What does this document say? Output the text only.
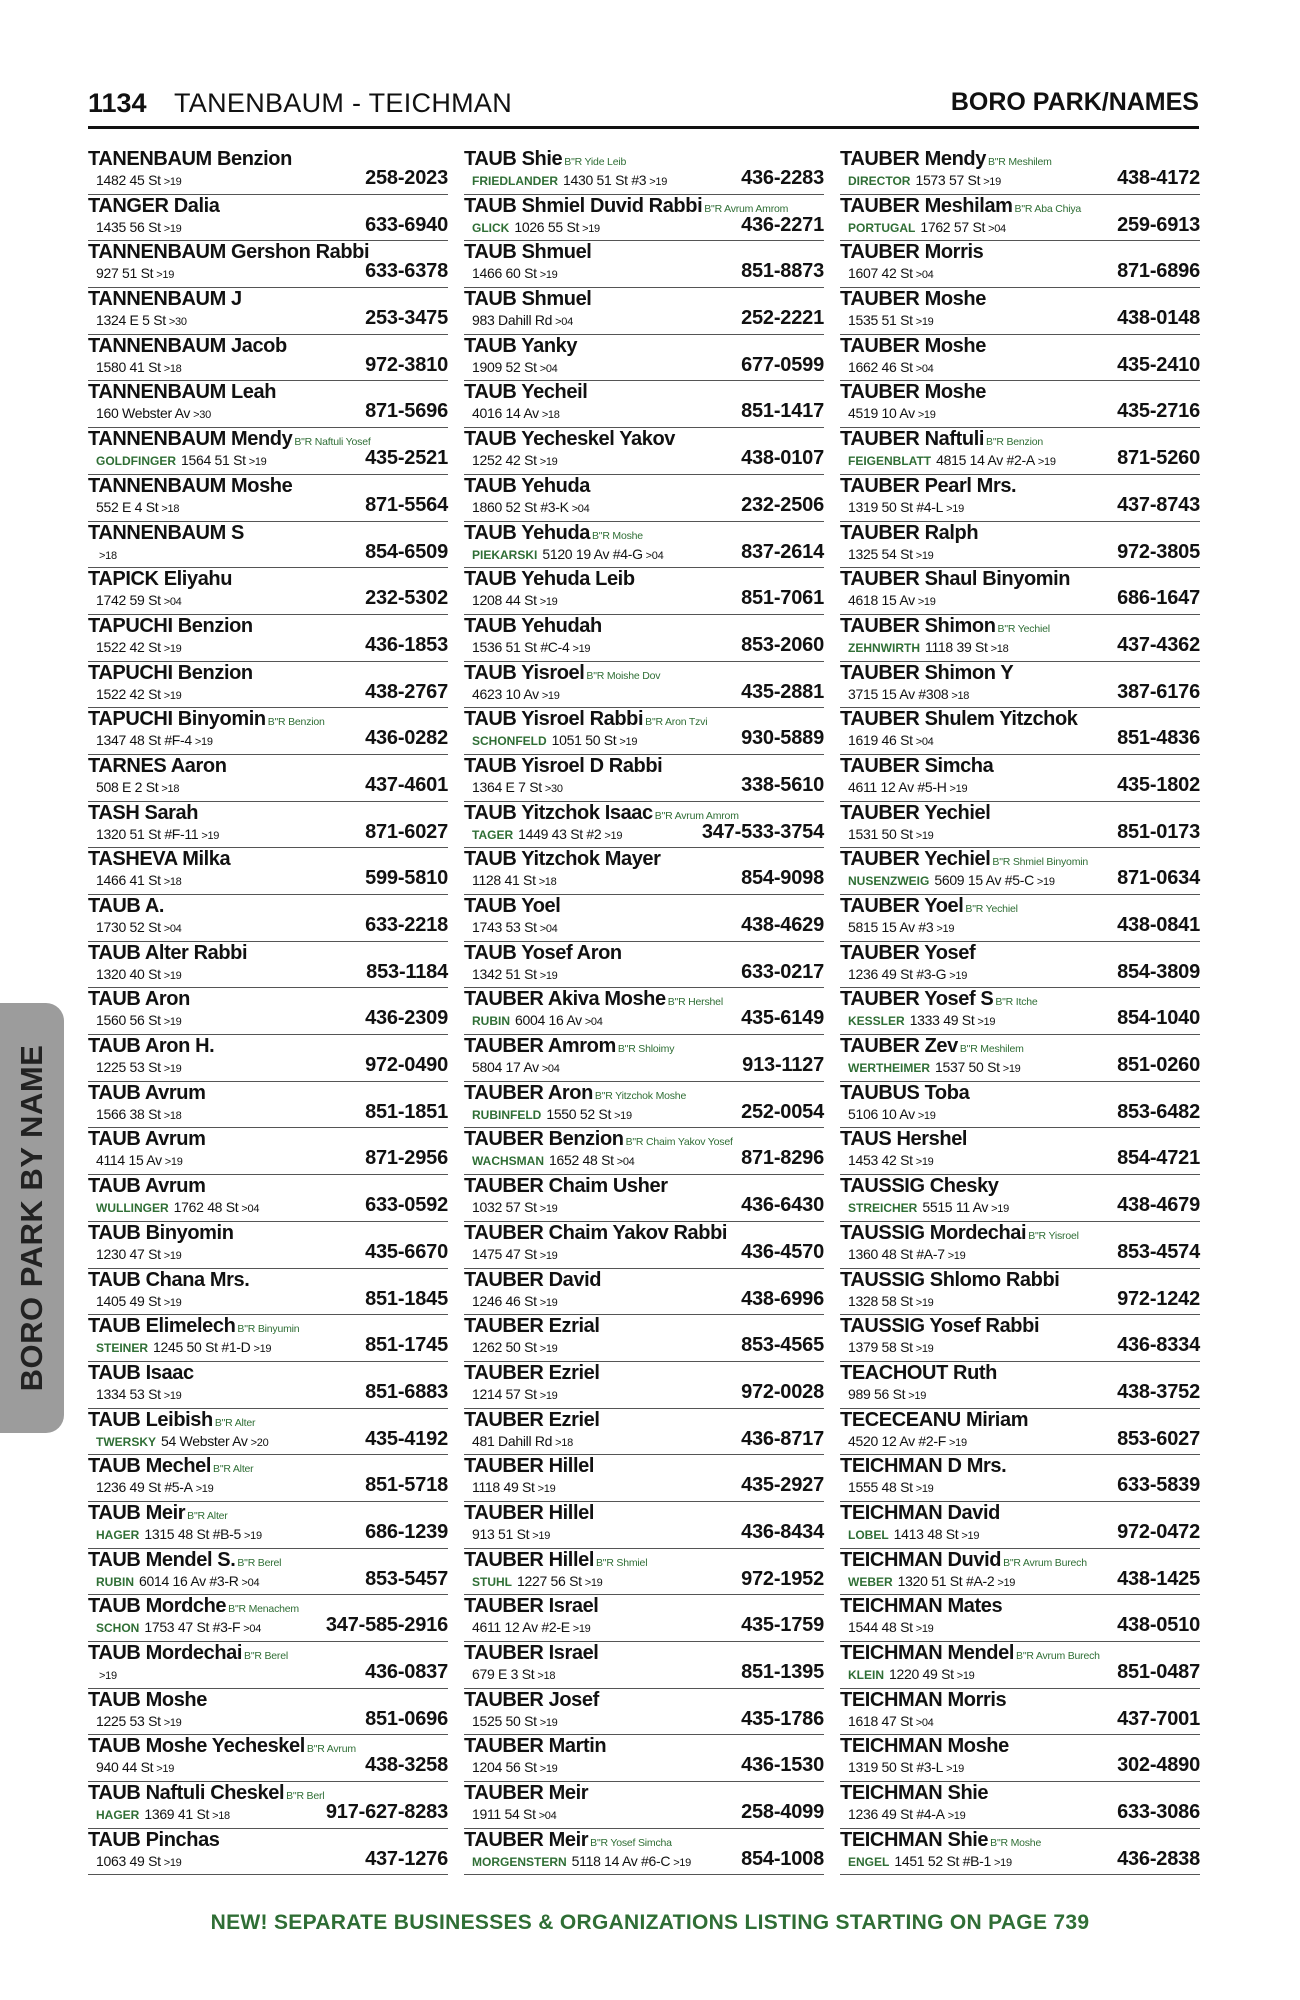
1134 TANENBAUM - TEICHMAN	BORO PARK/NAMES
TANENBAUM Benzion
1482 45 St >19	258-2023
TANGER Dalia
1435 56 St >19	633-6940
TANNENBAUM Gershon Rabbi
927 51 St >19	633-6378
TANNENBAUM J
1324 E 5 St >30	253-3475
TANNENBAUM Jacob
1580 41 St >18	972-3810
TANNENBAUM Leah
160 Webster Av >30	871-5696
TANNENBAUM Mendy B"R Naftuli Yosef
GOLDFINGER 1564 51 St >19	435-2521
TANNENBAUM Moshe
552 E 4 St >18	871-5564
TANNENBAUM S
>18	854-6509
TAPICK Eliyahu
1742 59 St >04	232-5302
TAPUCHI Benzion
1522 42 St >19	436-1853
TAPUCHI Benzion
1522 42 St >19	438-2767
TAPUCHI Binyomin B"R Benzion
1347 48 St #F-4 >19	436-0282
TARNES Aaron
508 E 2 St >18	437-4601
TASH Sarah
1320 51 St #F-11 >19	871-6027
TASHEVA Milka
1466 41 St >18	599-5810
TAUB A.
1730 52 St >04	633-2218
TAUB Alter Rabbi
1320 40 St >19	853-1184
TAUB Aron
1560 56 St >19	436-2309
TAUB Aron H.
1225 53 St >19	972-0490
TAUB Avrum
1566 38 St >18	851-1851
TAUB Avrum
4114 15 Av >19	871-2956
TAUB Avrum
WULLINGER 1762 48 St >04	633-0592
TAUB Binyomin
1230 47 St >19	435-6670
TAUB Chana Mrs.
1405 49 St >19	851-1845
TAUB Elimelech B"R Binyumin
STEINER 1245 50 St #1-D >19	851-1745
TAUB Isaac
1334 53 St >19	851-6883
TAUB Leibish B"R Alter
TWERSKY 54 Webster Av >20	435-4192
TAUB Mechel B"R Alter
1236 49 St #5-A >19	851-5718
TAUB Meir B"R Alter
HAGER 1315 48 St #B-5 >19	686-1239
TAUB Mendel S. B"R Berel
RUBIN 6014 16 Av #3-R >04	853-5457
TAUB Mordche B"R Menachem
SCHON 1753 47 St #3-F >04	347-585-2916
TAUB Mordechai B"R Berel
>19	436-0837
TAUB Moshe
1225 53 St >19	851-0696
TAUB Moshe Yecheskel B"R Avrum
940 44 St >19	438-3258
TAUB Naftuli Cheskel B"R Berl
HAGER 1369 41 St >18	917-627-8283
TAUB Pinchas
1063 49 St >19	437-1276
TAUB Shie B"R Yide Leib
FRIEDLANDER 1430 51 St #3 >19	436-2283
TAUB Shmiel Duvid Rabbi B"R Avrum Amrom
GLICK 1026 55 St >19	436-2271
TAUB Shmuel
1466 60 St >19	851-8873
TAUB Shmuel
983 Dahill Rd >04	252-2221
TAUB Yanky
1909 52 St >04	677-0599
TAUB Yecheil
4016 14 Av >18	851-1417
TAUB Yecheskel Yakov
1252 42 St >19	438-0107
TAUB Yehuda
1860 52 St #3-K >04	232-2506
TAUB Yehuda B"R Moshe
PIEKARSKI 5120 19 Av #4-G >04	837-2614
TAUB Yehuda Leib
1208 44 St >19	851-7061
TAUB Yehudah
1536 51 St #C-4 >19	853-2060
TAUB Yisroel B"R Moishe Dov
4623 10 Av >19	435-2881
TAUB Yisroel Rabbi B"R Aron Tzvi
SCHONFELD 1051 50 St >19	930-5889
TAUB Yisroel D Rabbi
1364 E 7 St >30	338-5610
TAUB Yitzchok Isaac B"R Avrum Amrom
TAGER 1449 43 St #2 >19	347-533-3754
TAUB Yitzchok Mayer
1128 41 St >18	854-9098
TAUB Yoel
1743 53 St >04	438-4629
TAUB Yosef Aron
1342 51 St >19	633-0217
TAUBER Akiva Moshe B"R Hershel
RUBIN 6004 16 Av >04	435-6149
TAUBER Amrom B"R Shloimy
5804 17 Av >04	913-1127
TAUBER Aron B"R Yitzchok Moshe
RUBINFELD 1550 52 St >19	252-0054
TAUBER Benzion B"R Chaim Yakov Yosef
WACHSMAN 1652 48 St >04	871-8296
TAUBER Chaim Usher
1032 57 St >19	436-6430
TAUBER Chaim Yakov Rabbi
1475 47 St >19	436-4570
TAUBER David
1246 46 St >19	438-6996
TAUBER Ezrial
1262 50 St >19	853-4565
TAUBER Ezriel
1214 57 St >19	972-0028
TAUBER Ezriel
481 Dahill Rd >18	436-8717
TAUBER Hillel
1118 49 St >19	435-2927
TAUBER Hillel
913 51 St >19	436-8434
TAUBER Hillel B"R Shmiel
STUHL 1227 56 St >19	972-1952
TAUBER Israel
4611 12 Av #2-E >19	435-1759
TAUBER Israel
679 E 3 St >18	851-1395
TAUBER Josef
1525 50 St >19	435-1786
TAUBER Martin
1204 56 St >19	436-1530
TAUBER Meir
1911 54 St >04	258-4099
TAUBER Meir B"R Yosef Simcha
MORGENSTERN 5118 14 Av #6-C >19	854-1008
TAUBER Mendy B"R Meshilem
DIRECTOR 1573 57 St >19	438-4172
TAUBER Meshilam B"R Aba Chiya
PORTUGAL 1762 57 St >04	259-6913
TAUBER Morris
1607 42 St >04	871-6896
TAUBER Moshe
1535 51 St >19	438-0148
TAUBER Moshe
1662 46 St >04	435-2410
TAUBER Moshe
4519 10 Av >19	435-2716
TAUBER Naftuli B"R Benzion
FEIGENBLATT 4815 14 Av #2-A >19	871-5260
TAUBER Pearl Mrs.
1319 50 St #4-L >19	437-8743
TAUBER Ralph
1325 54 St >19	972-3805
TAUBER Shaul Binyomin
4618 15 Av >19	686-1647
TAUBER Shimon B"R Yechiel
ZEHNWIRTH 1118 39 St >18	437-4362
TAUBER Shimon Y
3715 15 Av #308 >18	387-6176
TAUBER Shulem Yitzchok
1619 46 St >04	851-4836
TAUBER Simcha
4611 12 Av #5-H >19	435-1802
TAUBER Yechiel
1531 50 St >19	851-0173
TAUBER Yechiel B"R Shmiel Binyomin
NUSENZWEIG 5609 15 Av #5-C >19	871-0634
TAUBER Yoel B"R Yechiel
5815 15 Av #3 >19	438-0841
TAUBER Yosef
1236 49 St #3-G >19	854-3809
TAUBER Yosef S B"R Itche
KESSLER 1333 49 St >19	854-1040
TAUBER Zev B"R Meshilem
WERTHEIMER 1537 50 St >19	851-0260
TAUBUS Toba
5106 10 Av >19	853-6482
TAUS Hershel
1453 42 St >19	854-4721
TAUSSIG Chesky
STREICHER 5515 11 Av >19	438-4679
TAUSSIG Mordechai B"R Yisroel
1360 48 St #A-7 >19	853-4574
TAUSSIG Shlomo Rabbi
1328 58 St >19	972-1242
TAUSSIG Yosef Rabbi
1379 58 St >19	436-8334
TEACHOUT Ruth
989 56 St >19	438-3752
TECECEANU Miriam
4520 12 Av #2-F >19	853-6027
TEICHMAN D Mrs.
1555 48 St >19	633-5839
TEICHMAN David
LOBEL 1413 48 St >19	972-0472
TEICHMAN Duvid B"R Avrum Burech
WEBER 1320 51 St #A-2 >19	438-1425
TEICHMAN Mates
1544 48 St >19	438-0510
TEICHMAN Mendel B"R Avrum Burech
KLEIN 1220 49 St >19	851-0487
TEICHMAN Morris
1618 47 St >04	437-7001
TEICHMAN Moshe
1319 50 St #3-L >19	302-4890
TEICHMAN Shie
1236 49 St #4-A >19	633-3086
TEICHMAN Shie B"R Moshe
ENGEL 1451 52 St #B-1 >19	436-2838
BORO PARK BY NAME
NEW! SEPARATE BUSINESSES & ORGANIZATIONS LISTING STARTING ON PAGE 739
